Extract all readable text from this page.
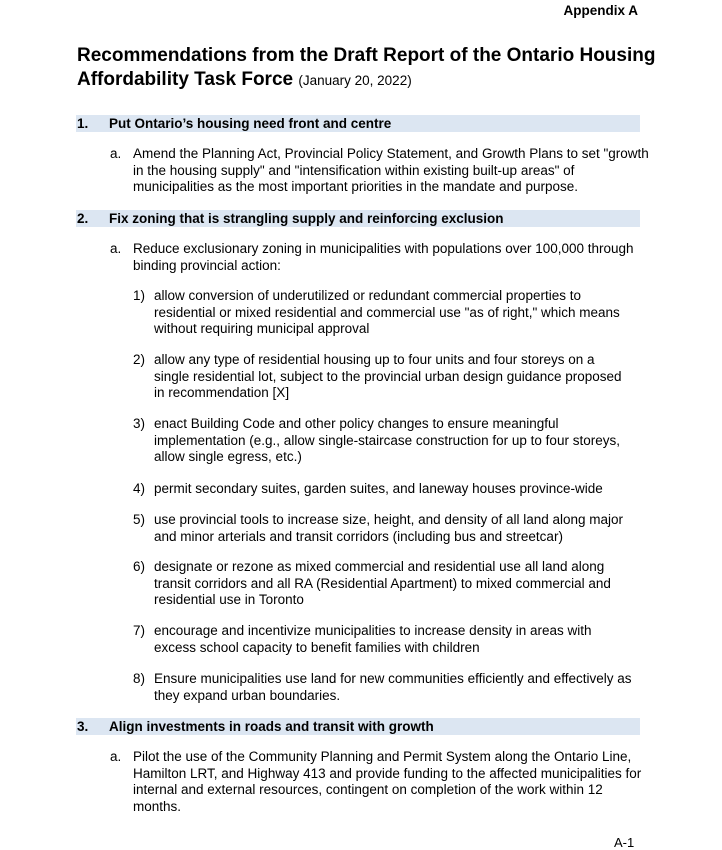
Appendix A
Recommendations from the Draft Report of the Ontario Housing Affordability Task Force (January 20, 2022)
1. Put Ontario’s housing need front and centre
a. Amend the Planning Act, Provincial Policy Statement, and Growth Plans to set "growth in the housing supply" and "intensification within existing built-up areas" of municipalities as the most important priorities in the mandate and purpose.
2. Fix zoning that is strangling supply and reinforcing exclusion
a. Reduce exclusionary zoning in municipalities with populations over 100,000 through binding provincial action:
1) allow conversion of underutilized or redundant commercial properties to residential or mixed residential and commercial use "as of right," which means without requiring municipal approval
2) allow any type of residential housing up to four units and four storeys on a single residential lot, subject to the provincial urban design guidance proposed in recommendation [X]
3) enact Building Code and other policy changes to ensure meaningful implementation (e.g., allow single-staircase construction for up to four storeys, allow single egress, etc.)
4) permit secondary suites, garden suites, and laneway houses province-wide
5) use provincial tools to increase size, height, and density of all land along major and minor arterials and transit corridors (including bus and streetcar)
6) designate or rezone as mixed commercial and residential use all land along transit corridors and all RA (Residential Apartment) to mixed commercial and residential use in Toronto
7) encourage and incentivize municipalities to increase density in areas with excess school capacity to benefit families with children
8) Ensure municipalities use land for new communities efficiently and effectively as they expand urban boundaries.
3. Align investments in roads and transit with growth
a. Pilot the use of the Community Planning and Permit System along the Ontario Line, Hamilton LRT, and Highway 413 and provide funding to the affected municipalities for internal and external resources, contingent on completion of the work within 12 months.
A-1
